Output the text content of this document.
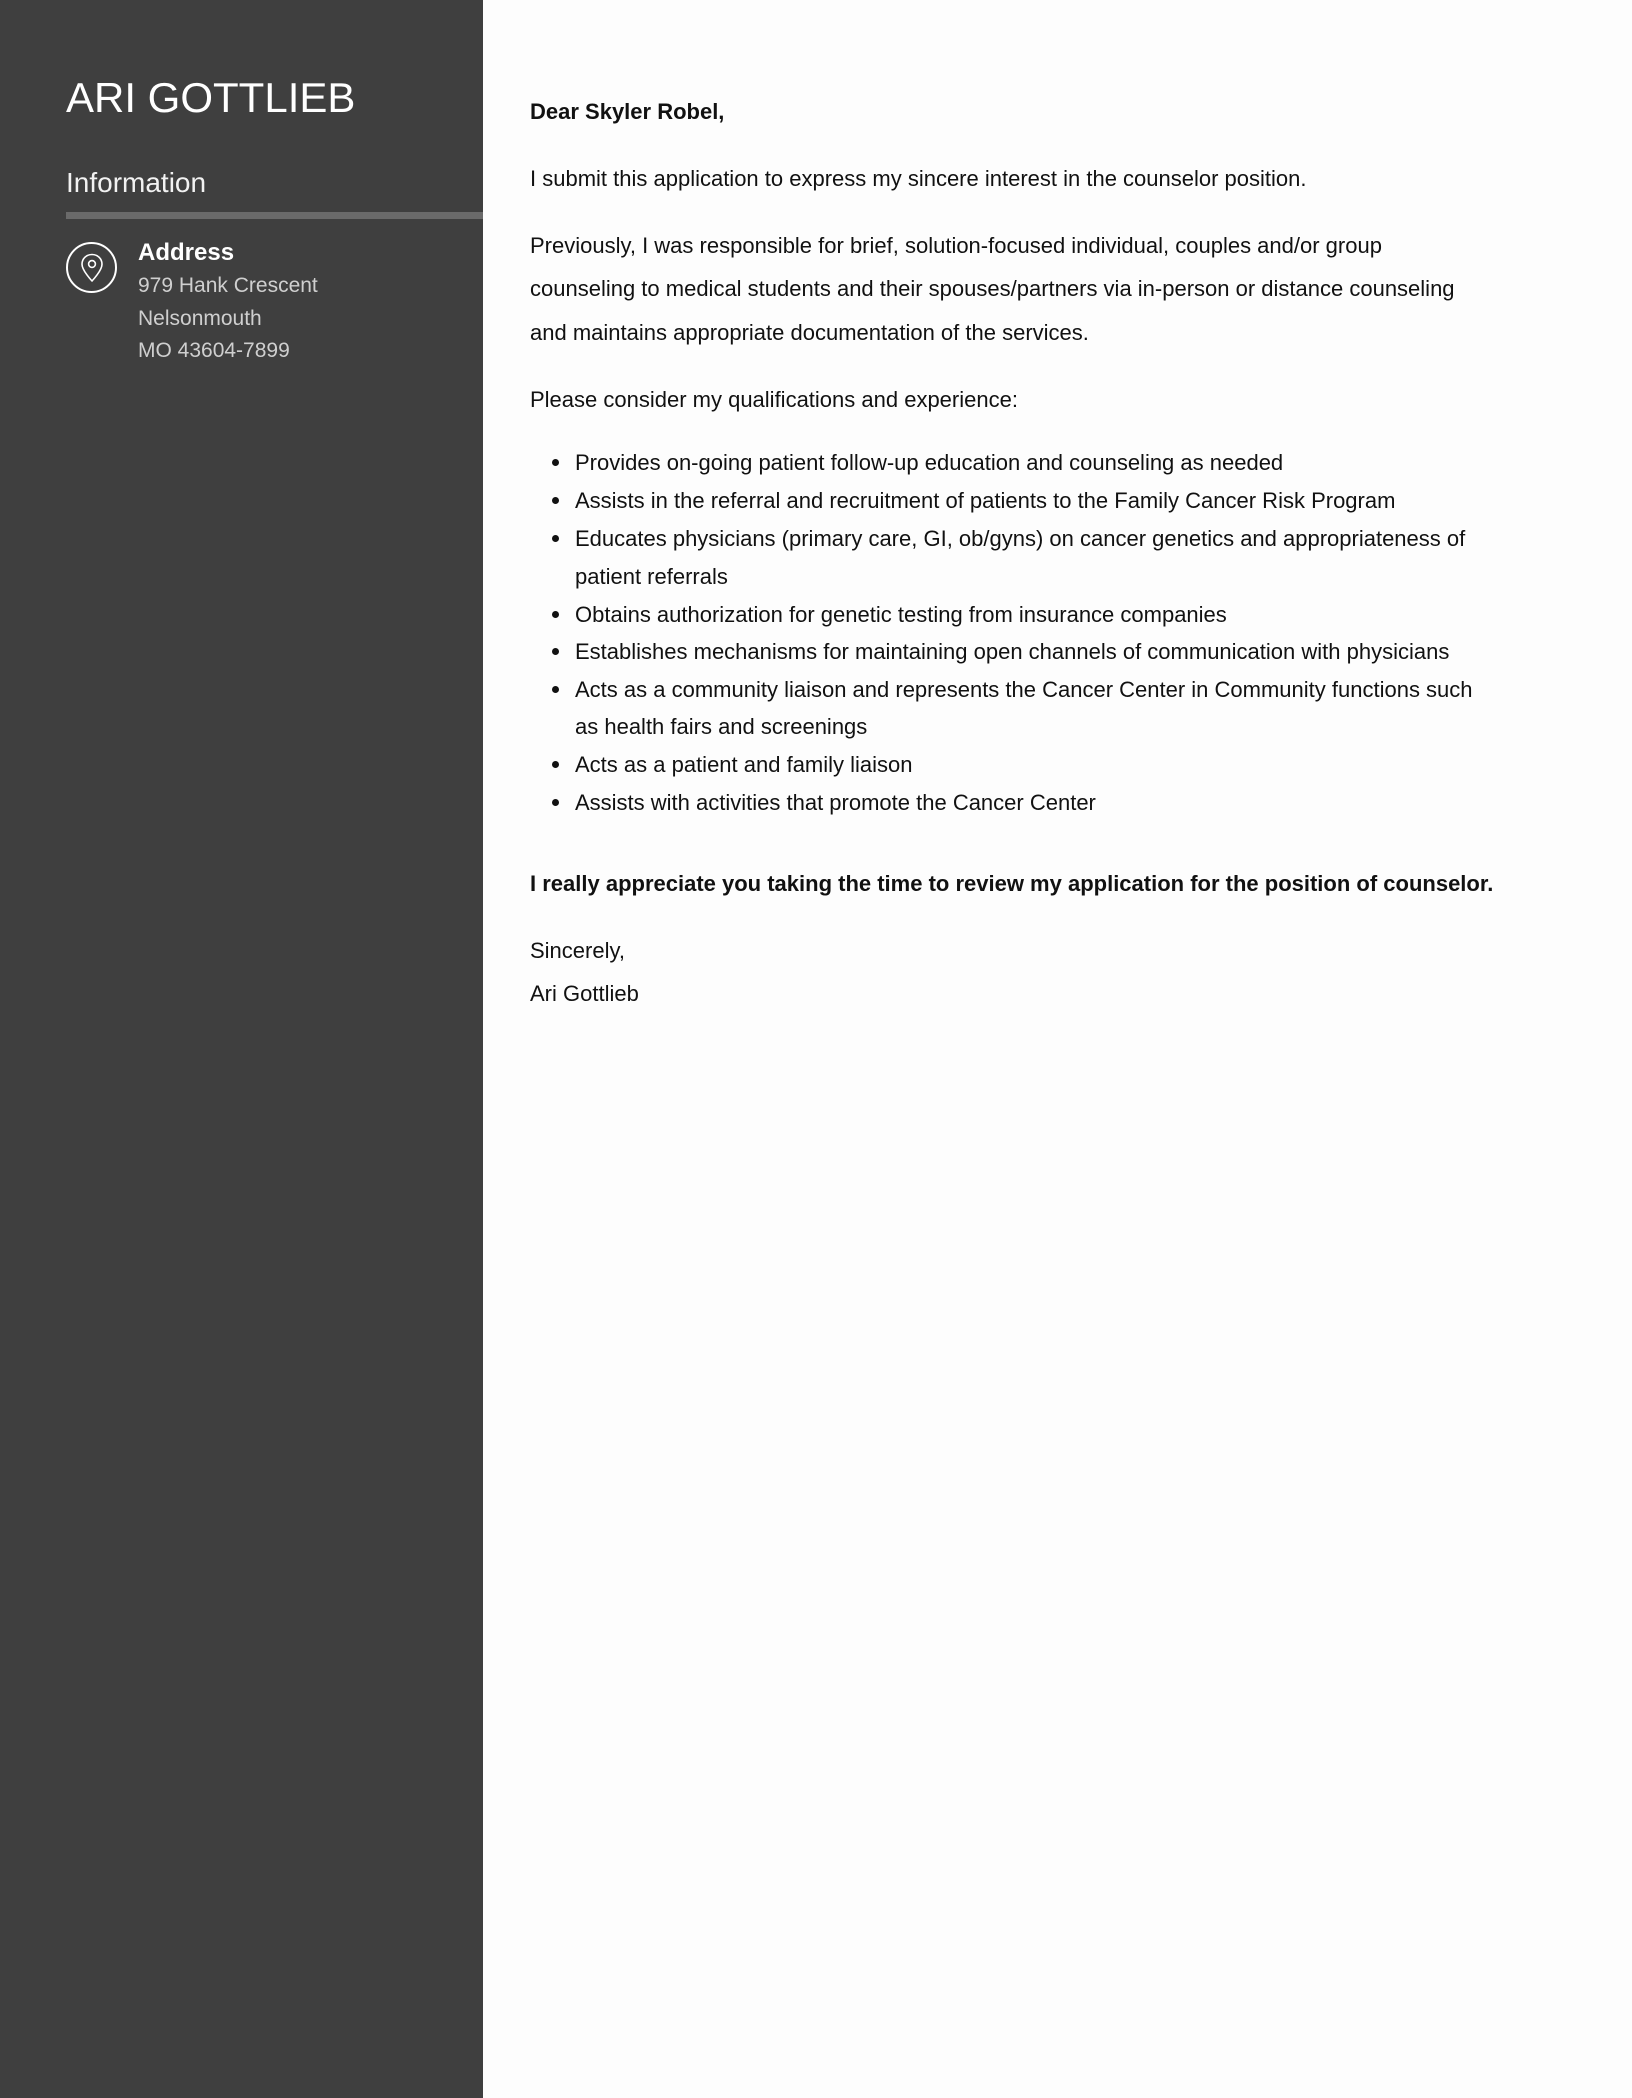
ARI GOTTLIEB
Information
Address
979 Hank Crescent
Nelsonmouth
MO 43604-7899
Dear Skyler Robel,
I submit this application to express my sincere interest in the counselor position.
Previously, I was responsible for brief, solution-focused individual, couples and/or group
counseling to medical students and their spouses/partners via in-person or distance counseling
and maintains appropriate documentation of the services.
Please consider my qualifications and experience:
Provides on-going patient follow-up education and counseling as needed
Assists in the referral and recruitment of patients to the Family Cancer Risk Program
Educates physicians (primary care, GI, ob/gyns) on cancer genetics and appropriateness of
patient referrals
Obtains authorization for genetic testing from insurance companies
Establishes mechanisms for maintaining open channels of communication with physicians
Acts as a community liaison and represents the Cancer Center in Community functions such
as health fairs and screenings
Acts as a patient and family liaison
Assists with activities that promote the Cancer Center
I really appreciate you taking the time to review my application for the position of counselor.
Sincerely,
Ari Gottlieb
